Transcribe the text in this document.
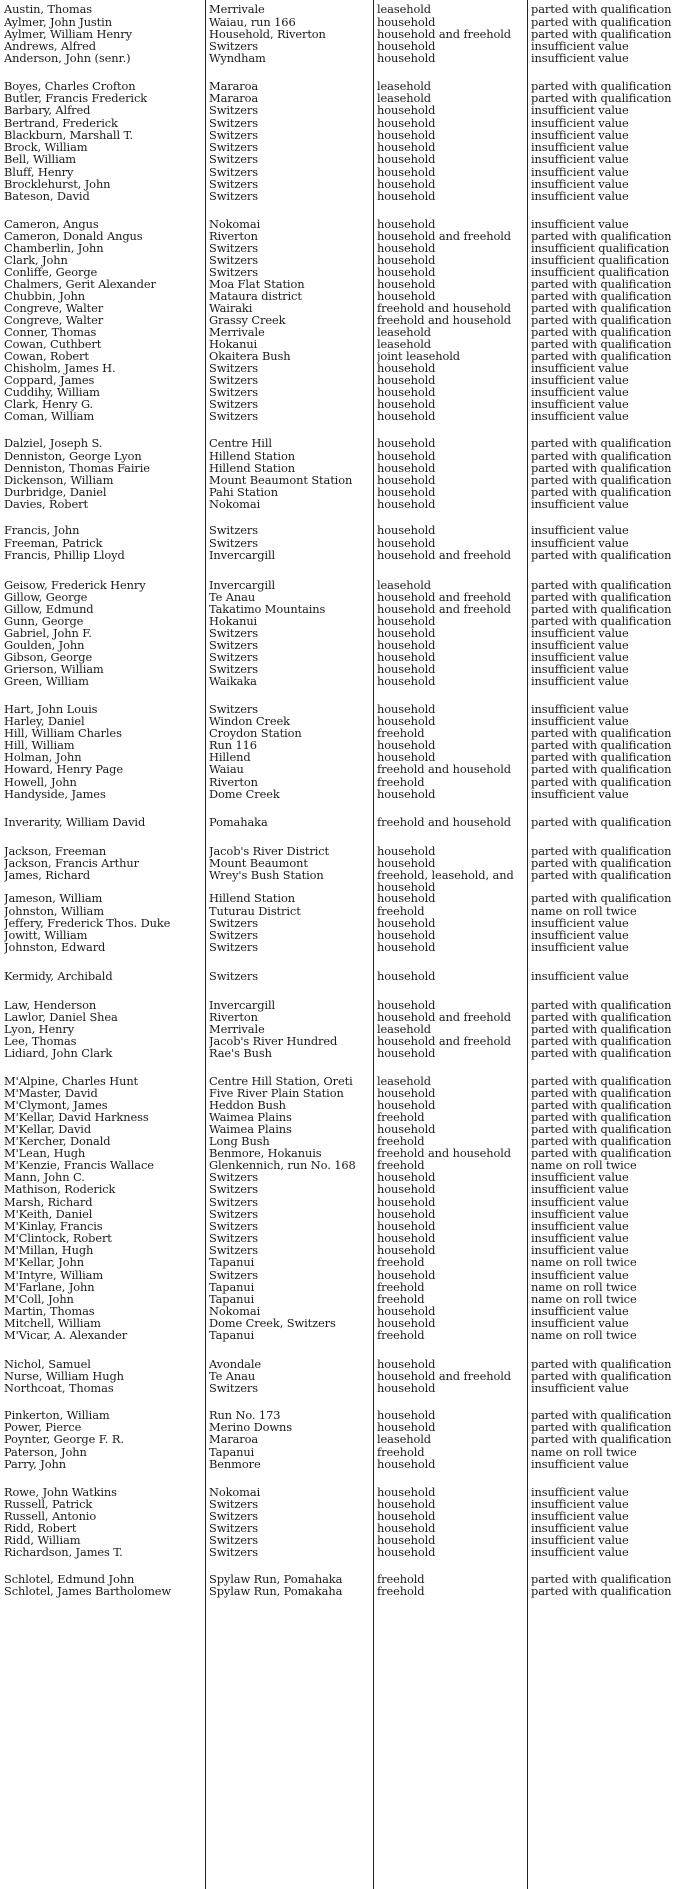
Austin, Thomas	Merrivale	leasehold	parted with qualification
Aylmer, John Justin	Waiau, run 166	household	parted with qualification
Aylmer, William Henry	Household, Riverton	household and freehold	parted with qualification
Andrews, Alfred	Switzers	household	insufficient value
Anderson, John (senr.)	Wyndham	household	insufficient value
Boyes, Charles Crofton	Mararoa	leasehold	parted with qualification
Butler, Francis Frederick	Mararoa	leasehold	parted with qualification
Barbary, Alfred	Switzers	household	insufficient value
Bertrand, Frederick	Switzers	household	insufficient value
Blackburn, Marshall T.	Switzers	household	insufficient value
Brock, William	Switzers	household	insufficient value
Bell, William	Switzers	household	insufficient value
Bluff, Henry	Switzers	household	insufficient value
Brocklehurst, John	Switzers	household	insufficient value
Bateson, David	Switzers	household	insufficient value
Cameron, Angus	Nokomai	household	insufficient value
Cameron, Donald Angus	Riverton	household and freehold	parted with qualification
Chamberlin, John	Switzers	household	insufficient qualification
Clark, John	Switzers	household	insufficient qualification
Conliffe, George	Switzers	household	insufficient qualification
Chalmers, Gerit Alexander	Moa Flat Station	household	parted with qualification
Chubbin, John	Mataura district	household	parted with qualification
Congreve, Walter	Wairaki	freehold and household	parted with qualification
Congreve, Walter	Grassy Creek	freehold and household	parted with qualification
Conner, Thomas	Merrivale	leasehold	parted with qualification
Cowan, Cuthbert	Hokanui	leasehold	parted with qualification
Cowan, Robert	Okaitera Bush	joint leasehold	parted with qualification
Chisholm, James H.	Switzers	household	insufficient value
Coppard, James	Switzers	household	insufficient value
Cuddihy, William	Switzers	household	insufficient value
Clark, Henry G.	Switzers	household	insufficient value
Coman, William	Switzers	household	insufficient value
Dalziel, Joseph S.	Centre Hill	household	parted with qualification
Denniston, George Lyon	Hillend Station	household	parted with qualification
Denniston, Thomas Fairie	Hillend Station	household	parted with qualification
Dickenson, William	Mount Beaumont Station	household	parted with qualification
Durbridge, Daniel	Pahi Station	household	parted with qualification
Davies, Robert	Nokomai	household	insufficient value
Francis, John	Switzers	household	insufficient value
Freeman, Patrick	Switzers	household	insufficient value
Francis, Phillip Lloyd	Invercargill	household and freehold	parted with qualification
Geisow, Frederick Henry	Invercargill	leasehold	parted with qualification
Gillow, George	Te Anau	household and freehold	parted with qualification
Gillow, Edmund	Takatimo Mountains	household and freehold	parted with qualification
Gunn, George	Hokanui	household	parted with qualification
Gabriel, John F.	Switzers	household	insufficient value
Goulden, John	Switzers	household	insufficient value
Gibson, George	Switzers	household	insufficient value
Grierson, William	Switzers	household	insufficient value
Green, William	Waikaka	household	insufficient value
Hart, John Louis	Switzers	household	insufficient value
Harley, Daniel	Windon Creek	household	insufficient value
Hill, William Charles	Croydon Station	freehold	parted with qualification
Hill, William	Run 116	household	parted with qualification
Holman, John	Hillend	household	parted with qualification
Howard, Henry Page	Waiau	freehold and household	parted with qualification
Howell, John	Riverton	freehold	parted with qualification
Handyside, James	Dome Creek	household	insufficient value
Inverarity, William David	Pomahaka	freehold and household	parted with qualification
Jackson, Freeman	Jacob's River District	household	parted with qualification
Jackson, Francis Arthur	Mount Beaumont	household	parted with qualification
James, Richard	Wrey's Bush Station	freehold, leasehold, and	parted with qualification
household
Jameson, William	Hillend Station	household	parted with qualification
Johnston, William	Tuturau District	freehold	name on roll twice
Jeffery, Frederick Thos. Duke	Switzers	household	insufficient value
Jowitt, William	Switzers	household	insufficient value
Johnston, Edward	Switzers	household	insufficient value
Kermidy, Archibald	Switzers	household	insufficient value
Law, Henderson	Invercargill	household	parted with qualification
Lawlor, Daniel Shea	Riverton	household and freehold	parted with qualification
Lyon, Henry	Merrivale	leasehold	parted with qualification
Lee, Thomas	Jacob's River Hundred	household and freehold	parted with qualification
Lidiard, John Clark	Rae's Bush	household	parted with qualification
M'Alpine, Charles Hunt	Centre Hill Station, Oreti	leasehold	parted with qualification
M'Master, David	Five River Plain Station	household	parted with qualification
M'Clymont, James	Heddon Bush	household	parted with qualification
M'Kellar, David Harkness	Waimea Plains	freehold	parted with qualification
M'Kellar, David	Waimea Plains	household	parted with qualification
M'Kercher, Donald	Long Bush	freehold	parted with qualification
M'Lean, Hugh	Benmore, Hokanuis	freehold and household	parted with qualification
M'Kenzie, Francis Wallace	Glenkennich, run No. 168	freehold	name on roll twice
Mann, John C.	Switzers	household	insufficient value
Mathison, Roderick	Switzers	household	insufficient value
Marsh, Richard	Switzers	household	insufficient value
M'Keith, Daniel	Switzers	household	insufficient value
M'Kinlay, Francis	Switzers	household	insufficient value
M'Clintock, Robert	Switzers	household	insufficient value
M'Millan, Hugh	Switzers	household	insufficient value
M'Kellar, John	Tapanui	freehold	name on roll twice
M'Intyre, William	Switzers	household	insufficient value
M'Farlane, John	Tapanui	freehold	name on roll twice
M'Coll, John	Tapanui	freehold	name on roll twice
Martin, Thomas	Nokomai	household	insufficient value
Mitchell, William	Dome Creek, Switzers	household	insufficient value
M'Vicar, A. Alexander	Tapanui	freehold	name on roll twice
Nichol, Samuel	Avondale	household	parted with qualification
Nurse, William Hugh	Te Anau	household and freehold	parted with qualification
Northcoat, Thomas	Switzers	household	insufficient value
Pinkerton, William	Run No. 173	household	parted with qualification
Power, Pierce	Merino Downs	household	parted with qualification
Poynter, George F. R.	Mararoa	leasehold	parted with qualification
Paterson, John	Tapanui	freehold	name on roll twice
Parry, John	Benmore	household	insufficient value
Rowe, John Watkins	Nokomai	household	insufficient value
Russell, Patrick	Switzers	household	insufficient value
Russell, Antonio	Switzers	household	insufficient value
Ridd, Robert	Switzers	household	insufficient value
Ridd, William	Switzers	household	insufficient value
Richardson, James T.	Switzers	household	insufficient value
Schlotel, Edmund John	Spylaw Run, Pomahaka	freehold	parted with qualification
Schlotel, James Bartholomew	Spylaw Run, Pomakaha	freehold	parted with qualification
